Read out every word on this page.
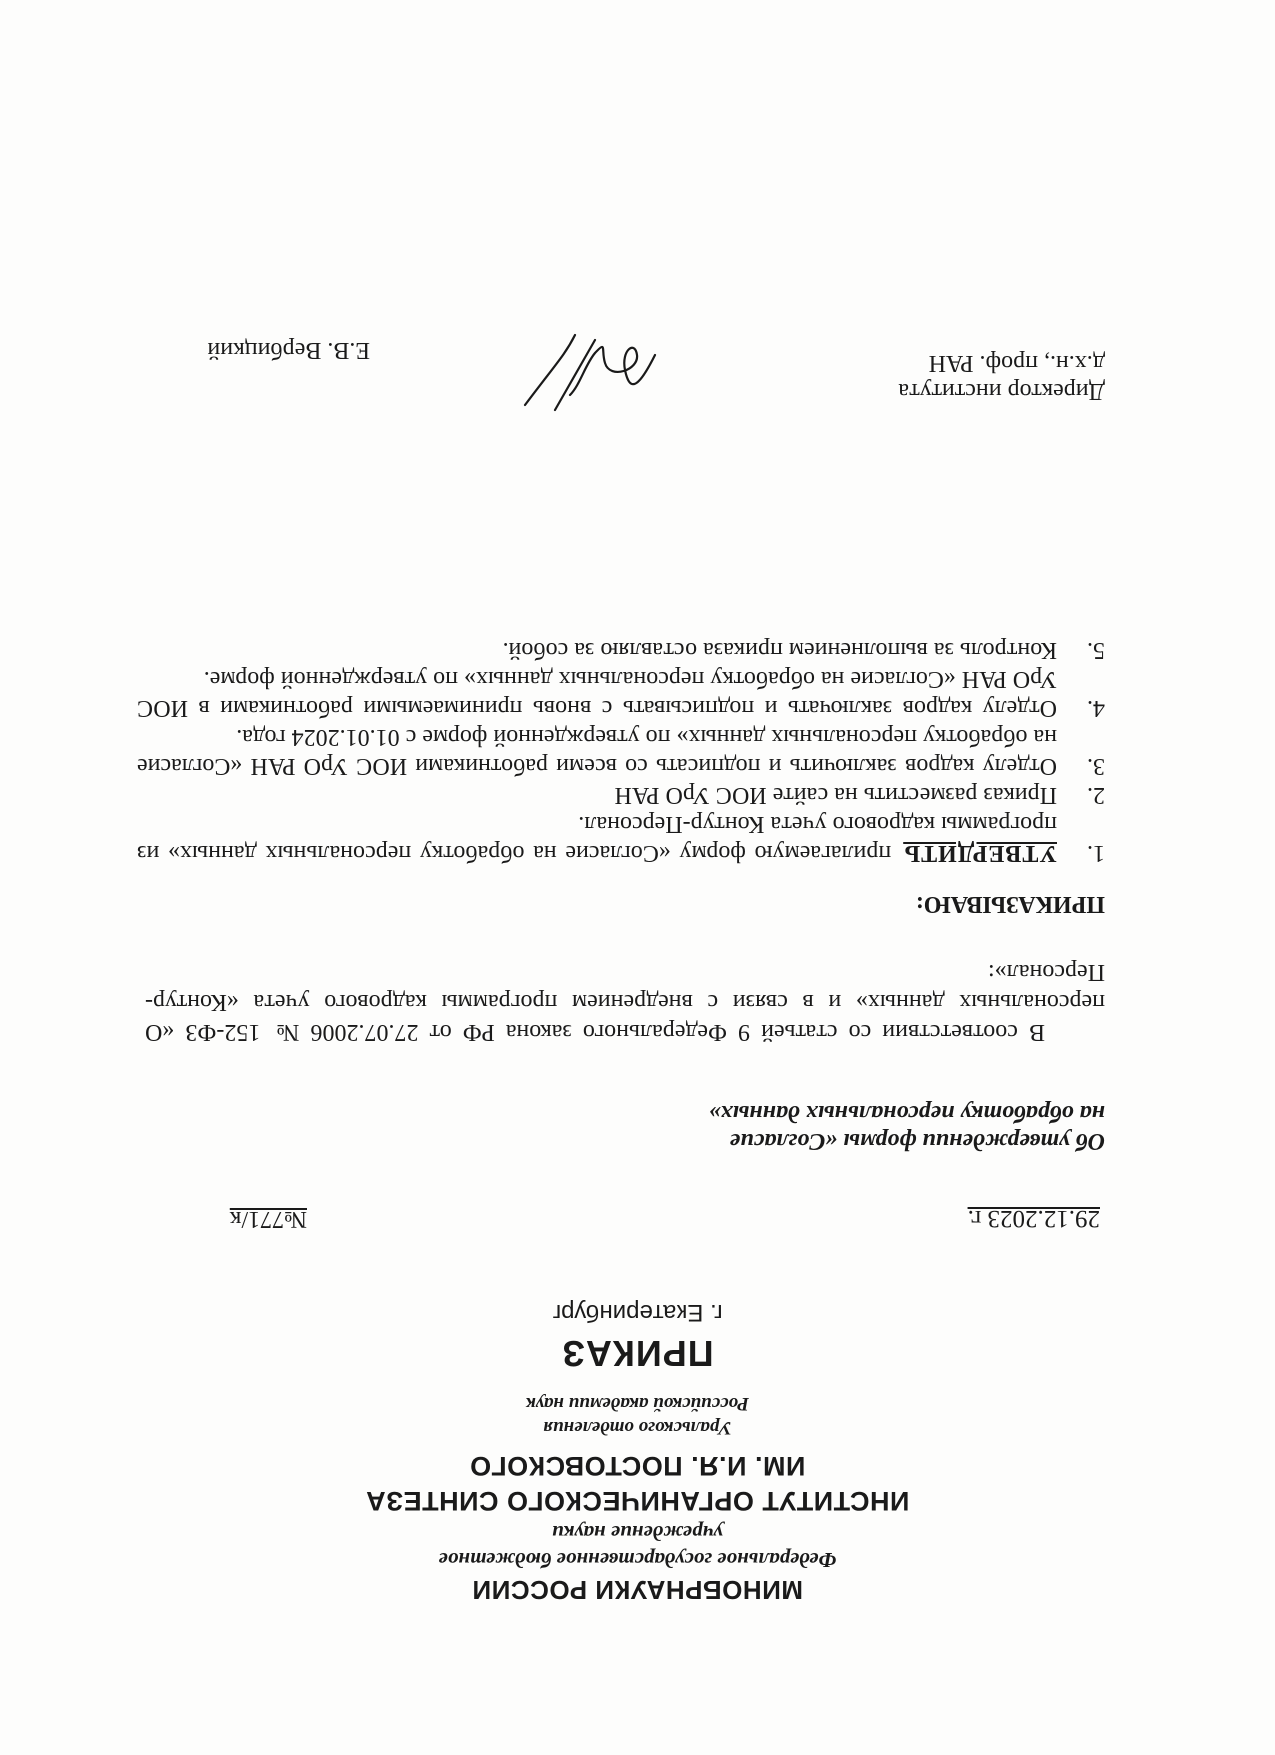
МИНОБРНАУКИ РОССИИ
Федеральное государственное бюджетное
учреждение науки
ИНСТИТУТ ОРГАНИЧЕСКОГО СИНТЕЗА
ИМ. И.Я. ПОСТОВСКОГО
Уральского отделения
Российской академии наук
ПРИКАЗ
г. Екатеринбург
29.12.2023 г.
№771/к
Об утверждении формы «Согласие
на обработку персональных данных»

В соответствии со статьей 9 Федерального закона РФ от 27.07.2006 № 152-ФЗ «О персональных данных» и в связи с внедрением программы кадрового учета «Контур-Персонал»:

ПРИКАЗЫВАЮ:
1.
УТВЕРДИТЬприлагаемую форму «Согласие на обработку персональных данных» из программы кадрового учета Контур-Персонал.
2.
Приказ разместить на сайте ИОС УрО РАН
3.
Отделу кадров заключить и подписать со всеми работниками ИОС УрО РАН «Согласие на обработку персональных данных» по утвержденной форме с 01.01.2024 года.
4.
Отделу кадров заключать и подписывать с вновь принимаемыми работниками в ИОС УрО РАН «Согласие на обработку персональных данных» по утвержденной форме.
5.
Контроль за выполнением приказа оставляю за собой.
Директор института
д.х.н., проф. РАН
Е.В. Вербицкий
